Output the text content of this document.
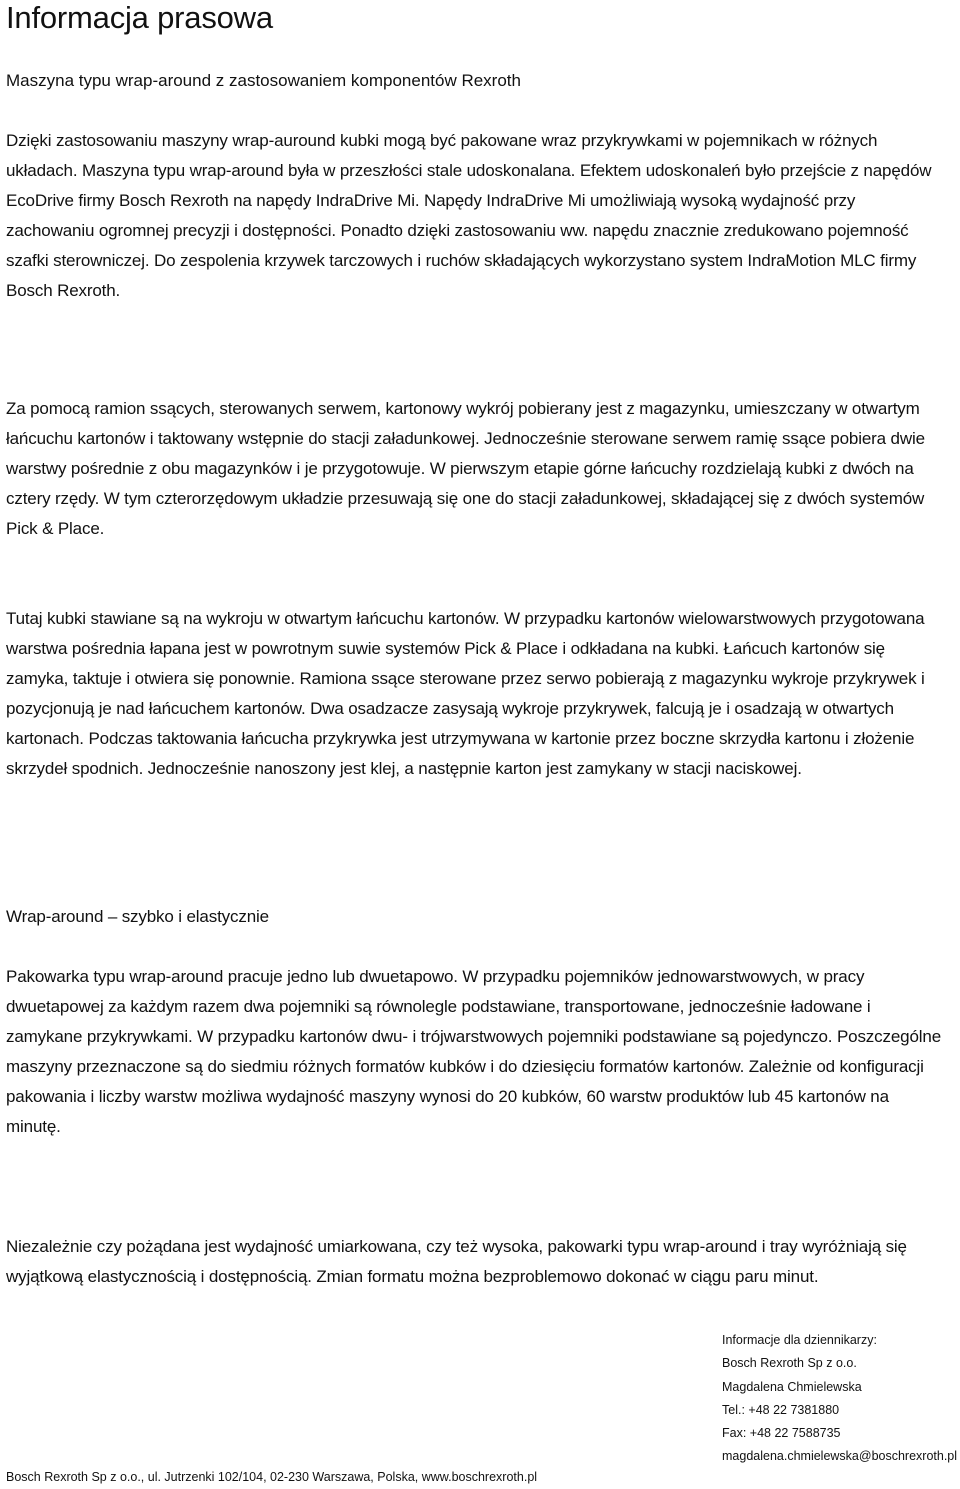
Informacja prasowa

Maszyna typu wrap-around z zastosowaniem komponentów Rexroth

Dzięki zastosowaniu maszyny wrap-auround kubki mogą być pakowane wraz przykrywkami w pojemnikach w różnych układach. Maszyna typu wrap-around była w przeszłości stale udoskonalana. Efektem udoskonaleń było przejście z napędów EcoDrive firmy Bosch Rexroth na napędy IndraDrive Mi. Napędy IndraDrive Mi umożliwiają wysoką wydajność przy zachowaniu ogromnej precyzji i dostępności. Ponadto dzięki zastosowaniu ww. napędu znacznie zredukowano pojemność szafki sterowniczej. Do zespolenia krzywek tarczowych i ruchów składających wykorzystano system IndraMotion MLC firmy Bosch Rexroth.

Za pomocą ramion ssących, sterowanych serwem, kartonowy wykrój pobierany jest z magazynku, umieszczany w otwartym łańcuchu kartonów i taktowany wstępnie do stacji załadunkowej. Jednocześnie sterowane serwem ramię ssące pobiera dwie warstwy pośrednie z obu magazynków i je przygotowuje. W pierwszym etapie górne łańcuchy rozdzielają kubki z dwóch na cztery rzędy. W tym czterorzędowym układzie przesuwają się one do stacji załadunkowej, składającej się z dwóch systemów Pick & Place.

Tutaj kubki stawiane są na wykroju w otwartym łańcuchu kartonów. W przypadku kartonów wielowarstwowych przygotowana warstwa pośrednia łapana jest w powrotnym suwie systemów Pick & Place i odkładana na kubki. Łańcuch kartonów się zamyka, taktuje i otwiera się ponownie. Ramiona ssące sterowane przez serwo pobierają z magazynku wykroje przykrywek i pozycjonują je nad łańcuchem kartonów. Dwa osadzacze zasysają wykroje przykrywek, falcują je i osadzają w otwartych kartonach. Podczas taktowania łańcucha przykrywka jest utrzymywana w kartonie przez boczne skrzydła kartonu i złożenie skrzydeł spodnich. Jednocześnie nanoszony jest klej, a następnie karton jest zamykany w stacji naciskowej.

Wrap-around – szybko i elastycznie

Pakowarka typu wrap-around pracuje jedno lub dwuetapowo. W przypadku pojemników jednowarstwowych, w pracy dwuetapowej za każdym razem dwa pojemniki są równolegle podstawiane, transportowane, jednocześnie ładowane i zamykane przykrywkami. W przypadku kartonów dwu- i trójwarstwowych pojemniki podstawiane są pojedynczo. Poszczególne maszyny przeznaczone są do siedmiu różnych formatów kubków i do dziesięciu formatów kartonów. Zależnie od konfiguracji pakowania i liczby warstw możliwa wydajność maszyny wynosi do 20 kubków, 60 warstw produktów lub 45 kartonów na minutę.

Niezależnie czy pożądana jest wydajność umiarkowana, czy też wysoka, pakowarki typu wrap-around i tray wyróżniają się wyjątkową elastycznością i dostępnością. Zmian formatu można bezproblemowo dokonać w ciągu paru minut.

Informacje dla dziennikarzy:
Bosch Rexroth Sp z o.o.
Magdalena Chmielewska
Tel.: +48 22 7381880
Fax: +48 22 7588735
magdalena.chmielewska@boschrexroth.pl
Bosch Rexroth Sp z o.o., ul. Jutrzenki 102/104, 02-230 Warszawa, Polska, www.boschrexroth.pl
